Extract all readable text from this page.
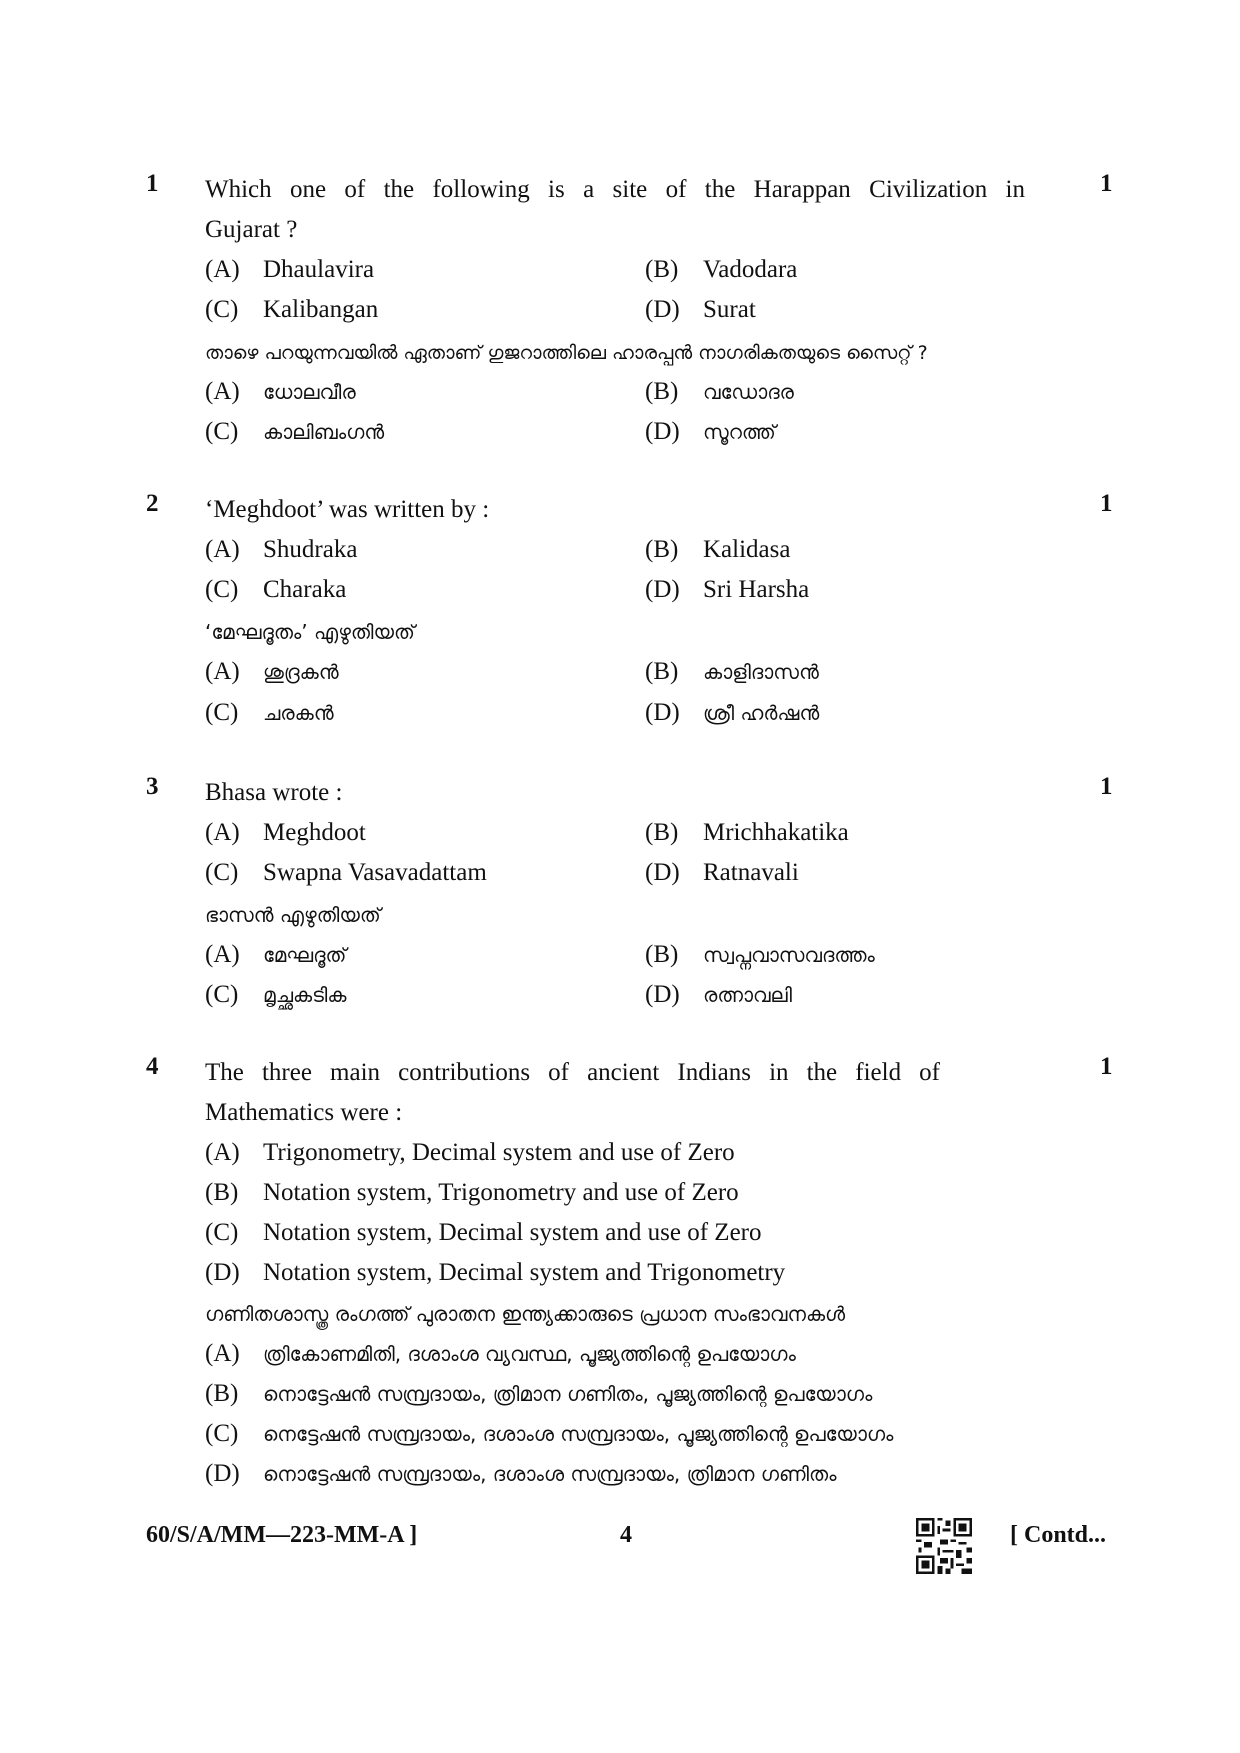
1	1
Which one of the following is a site of the Harappan Civilization in
Gujarat ?
(A) Dhaulavira	(B) Vadodara
(C) Kalibangan	(D) Surat
താഴെ പറയുന്നവയിൽ ഏതാണ് ഗുജറാത്തിലെ ഹാരപ്പൻ നാഗരികതയുടെ സൈറ്റ് ?
(A) ധോലവീര	(B) വഡോദര
(C) കാലിബംഗൻ	(D) സൂറത്ത്
2	1
‘Meghdoot’ was written by :
(A) Shudraka	(B) Kalidasa
(C) Charaka	(D) Sri Harsha
‘മേഘദൂതം’ എഴുതിയത്
(A) ശുദ്രകൻ	(B) കാളിദാസൻ
(C) ചരകൻ	(D) ശ്രീ ഹർഷൻ
3	1
Bhasa wrote :
(A) Meghdoot	(B) Mrichhakatika
(C) Swapna Vasavadattam	(D) Ratnavali
ഭാസൻ എഴുതിയത്
(A) മേഘദൂത്	(B) സ്വപ്നവാസവദത്തം
(C) മൃച്ഛകടിക	(D) രത്നാവലി
4	1
The three main contributions of ancient Indians in the field of
Mathematics were :
(A) Trigonometry, Decimal system and use of Zero
(B) Notation system, Trigonometry and use of Zero
(C) Notation system, Decimal system and use of Zero
(D) Notation system, Decimal system and Trigonometry
ഗണിതശാസ്ത്ര രംഗത്ത് പുരാതന ഇന്ത്യക്കാരുടെ പ്രധാന സംഭാവനകൾ
(A) ത്രികോണമിതി, ദശാംശ വ്യവസ്ഥ, പൂജ്യത്തിന്റെ ഉപയോഗം
(B) നൊട്ടേഷൻ സമ്പ്രദായം, ത്രിമാന ഗണിതം, പൂജ്യത്തിന്റെ ഉപയോഗം
(C) നെട്ടേഷൻ സമ്പ്രദായം, ദശാംശ സമ്പ്രദായം, പൂജ്യത്തിന്റെ ഉപയോഗം
(D) നൊട്ടേഷൻ സമ്പ്രദായം, ദശാംശ സമ്പ്രദായം, ത്രിമാന ഗണിതം
60/S/A/MM—223-MM-A ]	4	[ Contd...
